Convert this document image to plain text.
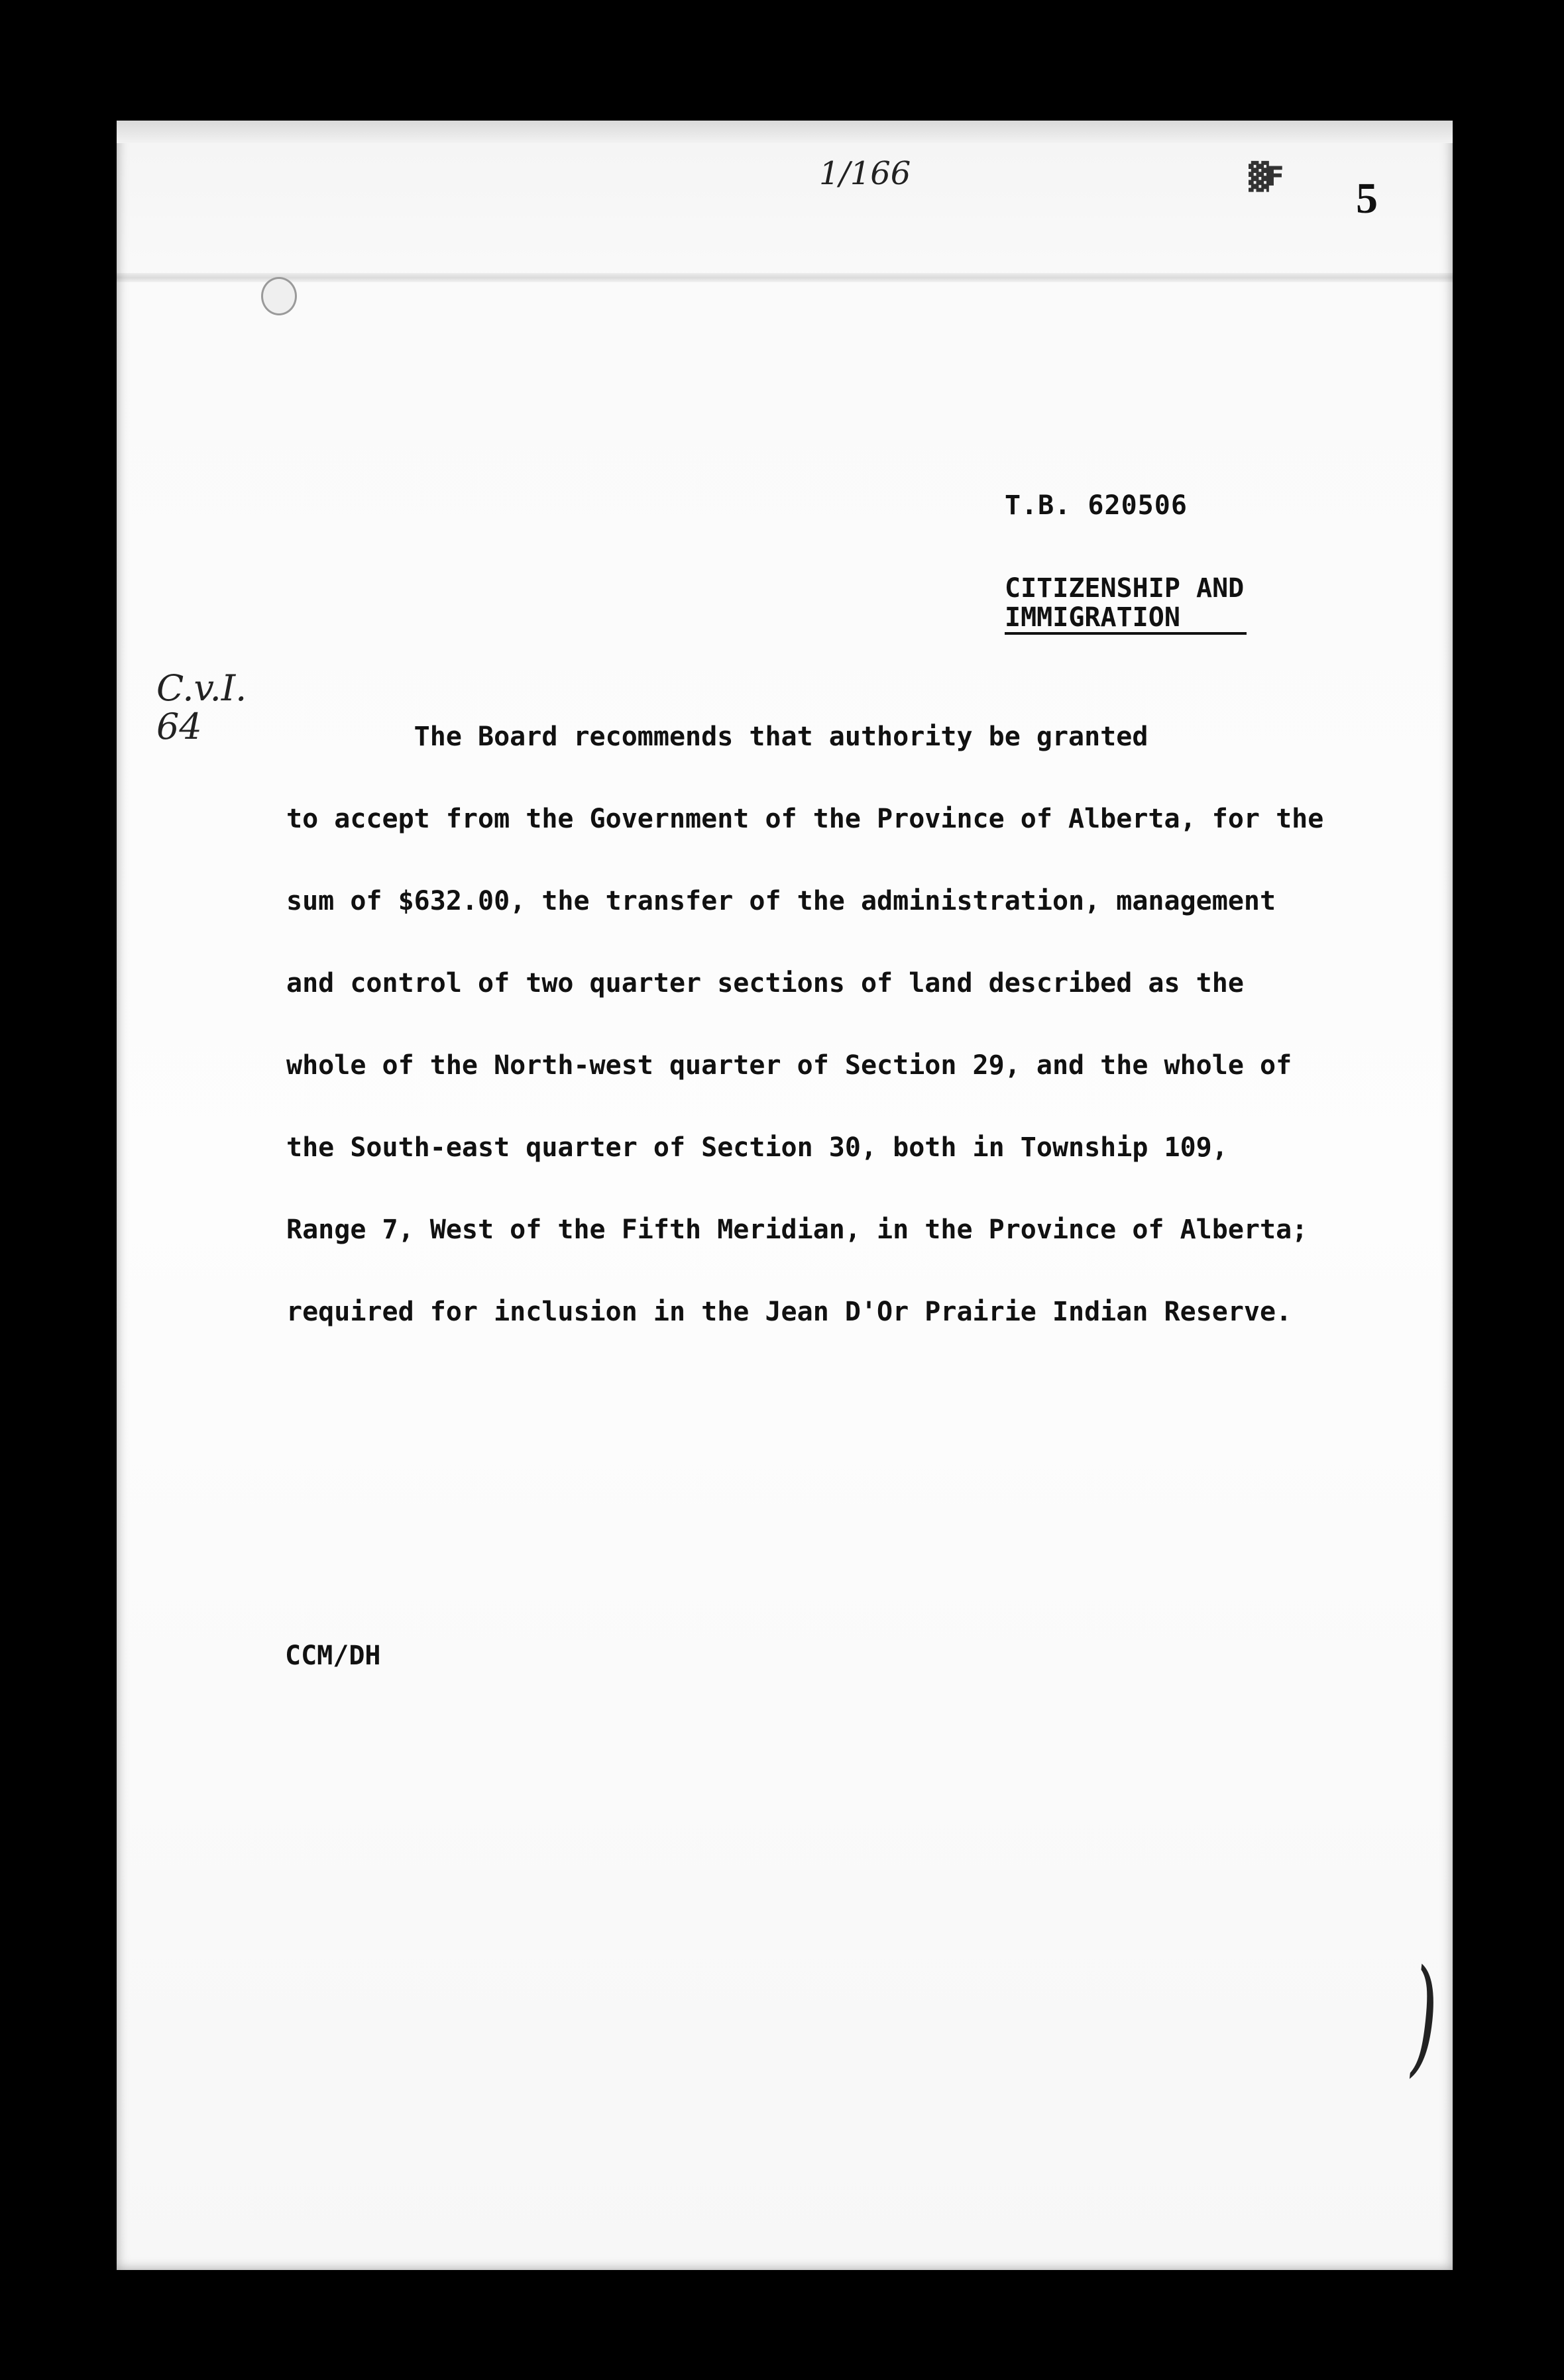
1/166	▓F 5
T.B. 620506
CITIZENSHIP AND
IMMIGRATION
C.v.I.
64	The Board recommends that authority be granted
to accept from the Government of the Province of Alberta, for the
sum of $632.00, the transfer of the administration, management
and control of two quarter sections of land described as the
whole of the North-west quarter of Section 29, and the whole of
the South-east quarter of Section 30, both in Township 109,
Range 7, West of the Fifth Meridian, in the Province of Alberta;
required for inclusion in the Jean D'Or Prairie Indian Reserve.
CCM/DH
)
